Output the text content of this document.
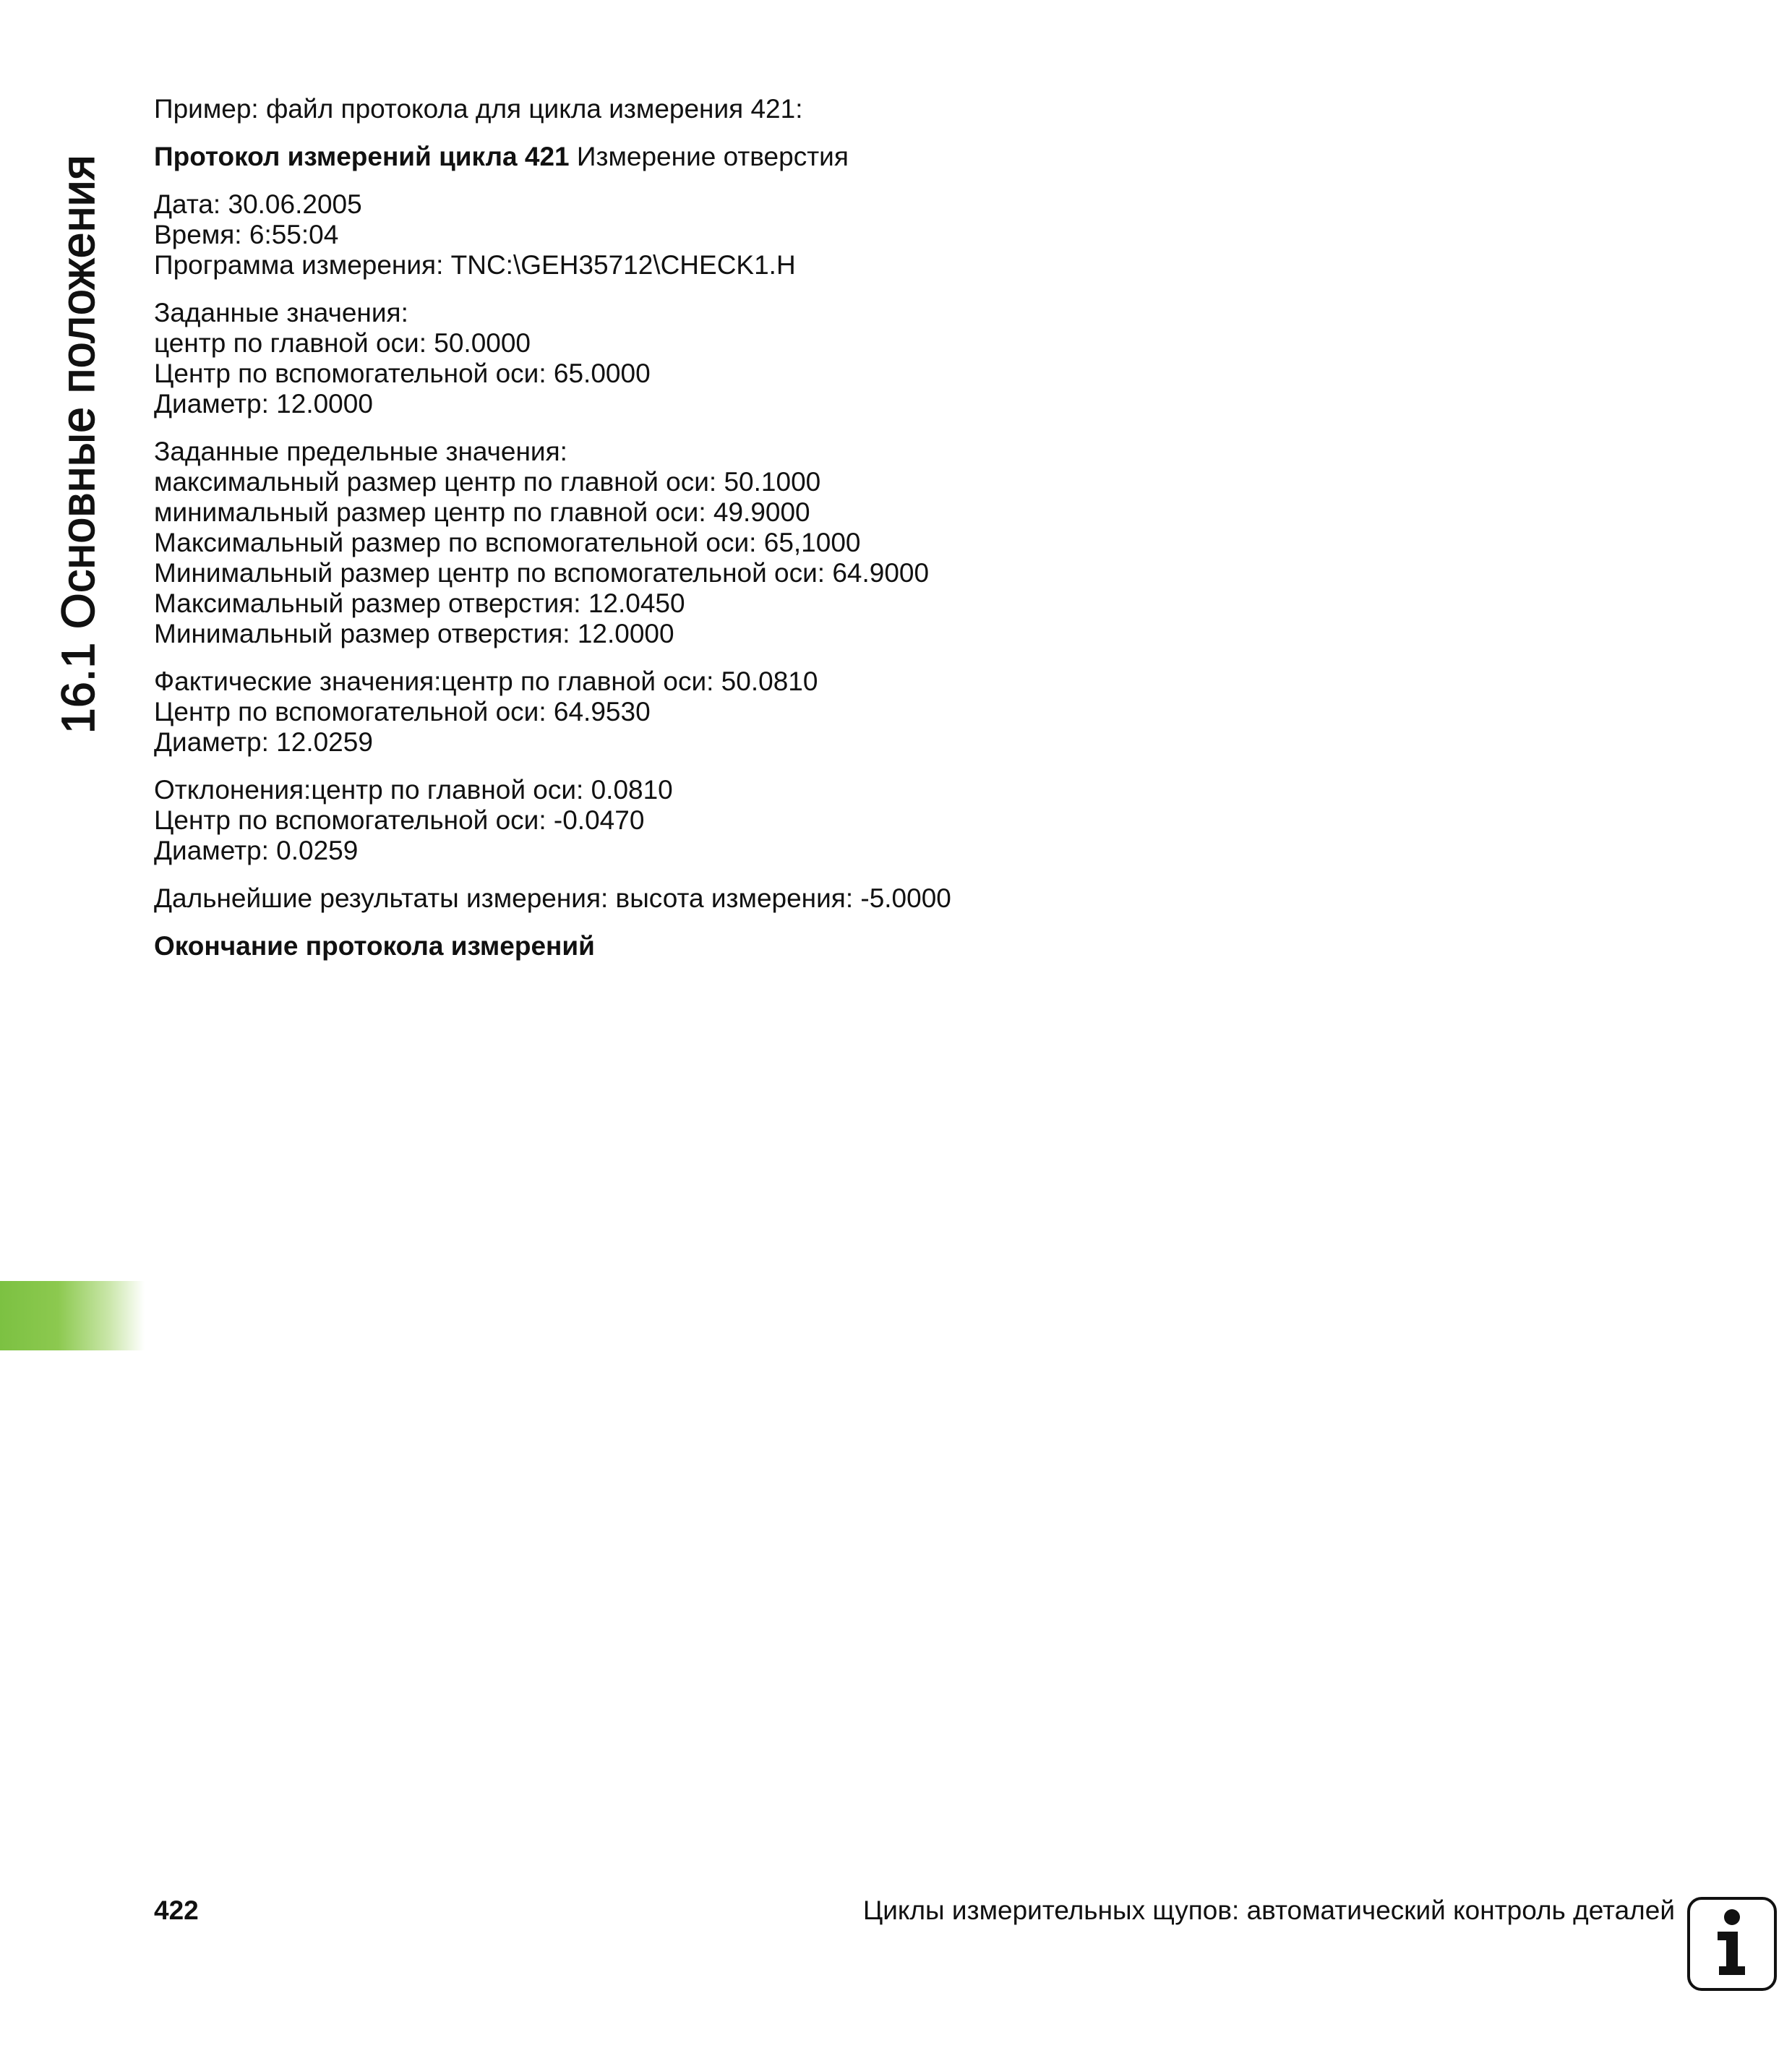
16.1 Основные положения
Пример: файл протокола для цикла измерения 421:
Протокол измерений цикла 421 Измерение отверстия
Дата: 30.06.2005
Время: 6:55:04
Программа измерения: TNC:\GEH35712\CHECK1.H
Заданные значения:
центр по главной оси: 50.0000
Центр по вспомогательной оси: 65.0000
Диаметр: 12.0000
Заданные предельные значения:
максимальный размер центр по главной оси: 50.1000
минимальный размер центр по главной оси: 49.9000
Максимальный размер по вспомогательной оси: 65,1000
Минимальный размер центр по вспомогательной оси: 64.9000
Максимальный размер отверстия: 12.0450
Минимальный размер отверстия: 12.0000
Фактические значения:центр по главной оси: 50.0810
Центр по вспомогательной оси: 64.9530
Диаметр: 12.0259
Отклонения:центр по главной оси: 0.0810
Центр по вспомогательной оси: -0.0470
Диаметр: 0.0259
Дальнейшие результаты измерения: высота измерения: -5.0000
Окончание протокола измерений
422	Циклы измерительных щупов: автоматический контроль деталей
